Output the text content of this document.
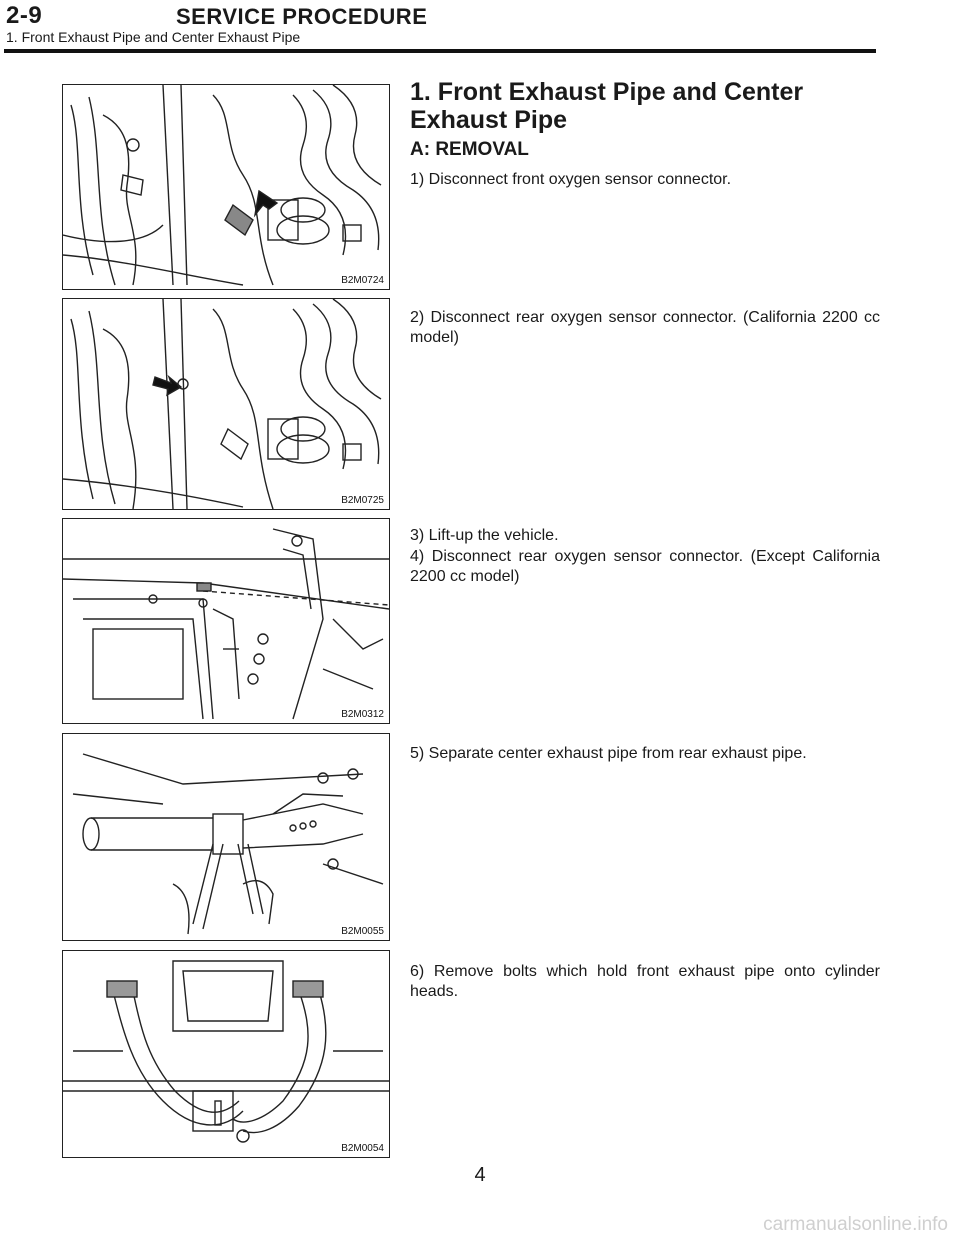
2-9	SERVICE PROCEDURE
1. Front Exhaust Pipe and Center Exhaust Pipe
B2M0724
B2M0725
B2M0312
B2M0055
B2M0054
1. Front Exhaust Pipe and Center Exhaust Pipe
A: REMOVAL
1) Disconnect front oxygen sensor connector.
2) Disconnect rear oxygen sensor connector. (California 2200 cc model)
3) Lift-up the vehicle.
4) Disconnect rear oxygen sensor connector. (Except California 2200 cc model)
5) Separate center exhaust pipe from rear exhaust pipe.
6) Remove bolts which hold front exhaust pipe onto cylinder heads.
4
carmanualsonline.info
